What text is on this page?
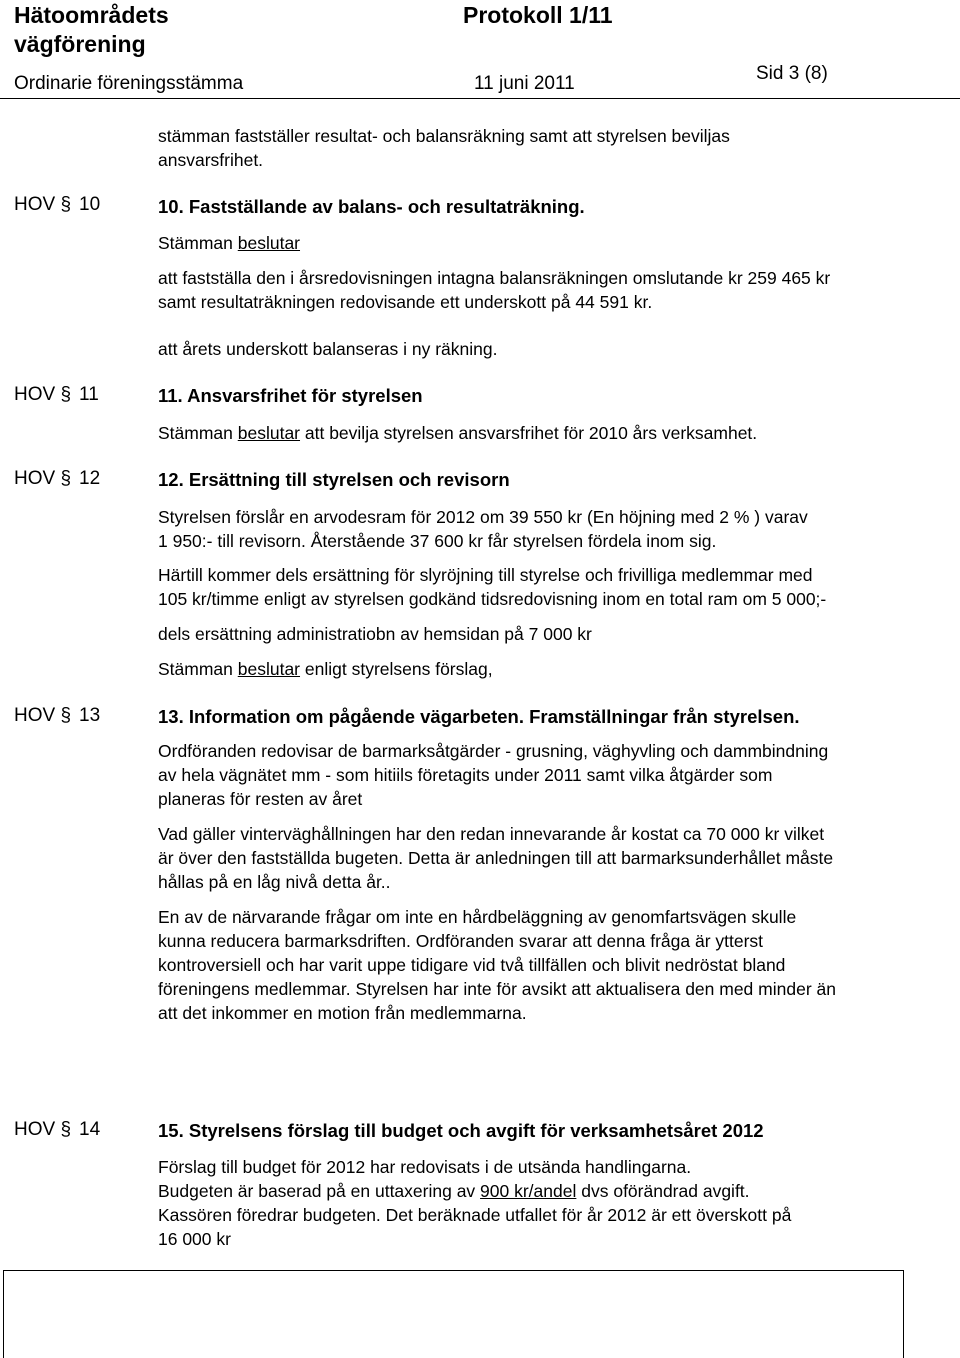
Hätoområdets vägförening
Protokoll 1/11
Ordinarie föreningsstämma	11 juni 2011	Sid 3 (8)
stämman fastställer resultat- och balansräkning samt att styrelsen beviljas
ansvarsfrihet.
HOV § 10	10. Fastställande av balans- och resultaträkning.
Stämman beslutar
att fastställa den i årsredovisningen intagna balansräkningen omslutande kr 259 465 kr
samt resultaträkningen redovisande ett underskott på 44 591 kr.
att årets underskott balanseras i ny räkning.
HOV § 11	11. Ansvarsfrihet för styrelsen
Stämman beslutar att bevilja styrelsen ansvarsfrihet för 2010 års verksamhet.
HOV § 12	12. Ersättning till styrelsen och revisorn
Styrelsen förslår en arvodesram för 2012 om 39 550 kr (En höjning med 2 % ) varav
1 950:- till revisorn. Återstående 37 600 kr får styrelsen fördela inom sig.
Härtill kommer dels ersättning för slyröjning till styrelse och frivilliga medlemmar med
105 kr/timme enligt av styrelsen godkänd tidsredovisning inom en total ram om 5 000;-
dels ersättning administratiobn av hemsidan på 7 000 kr
Stämman beslutar enligt styrelsens förslag,
HOV § 13	13. Information om pågående vägarbeten. Framställningar från styrelsen.
Ordföranden redovisar de barmarksåtgärder - grusning, väghyvling och dammbindning
av hela vägnätet mm - som hitiils företagits under 2011 samt vilka åtgärder som
planeras för resten av året
Vad gäller vinterväghållningen har den redan innevarande år kostat ca 70 000 kr vilket
är över den fastställda bugeten. Detta är anledningen till att barmarksunderhållet måste
hållas på en låg nivå detta år..
En av de närvarande frågar om inte en hårdbeläggning av genomfartsvägen skulle
kunna reducera barmarksdriften. Ordföranden svarar att denna fråga är ytterst
kontroversiell och har varit uppe tidigare vid två tillfällen och blivit nedröstat bland
föreningens medlemmar. Styrelsen har inte för avsikt att aktualisera den med minder än
att det inkommer en motion från medlemmarna.
HOV § 14	15. Styrelsens förslag till budget och avgift för verksamhetsåret 2012
Förslag till budget för 2012 har redovisats i de utsända handlingarna.
Budgeten är baserad på en uttaxering av 900 kr/andel dvs oförändrad avgift.
Kassören föredrar budgeten. Det beräknade utfallet för år 2012 är ett överskott på
16 000 kr
